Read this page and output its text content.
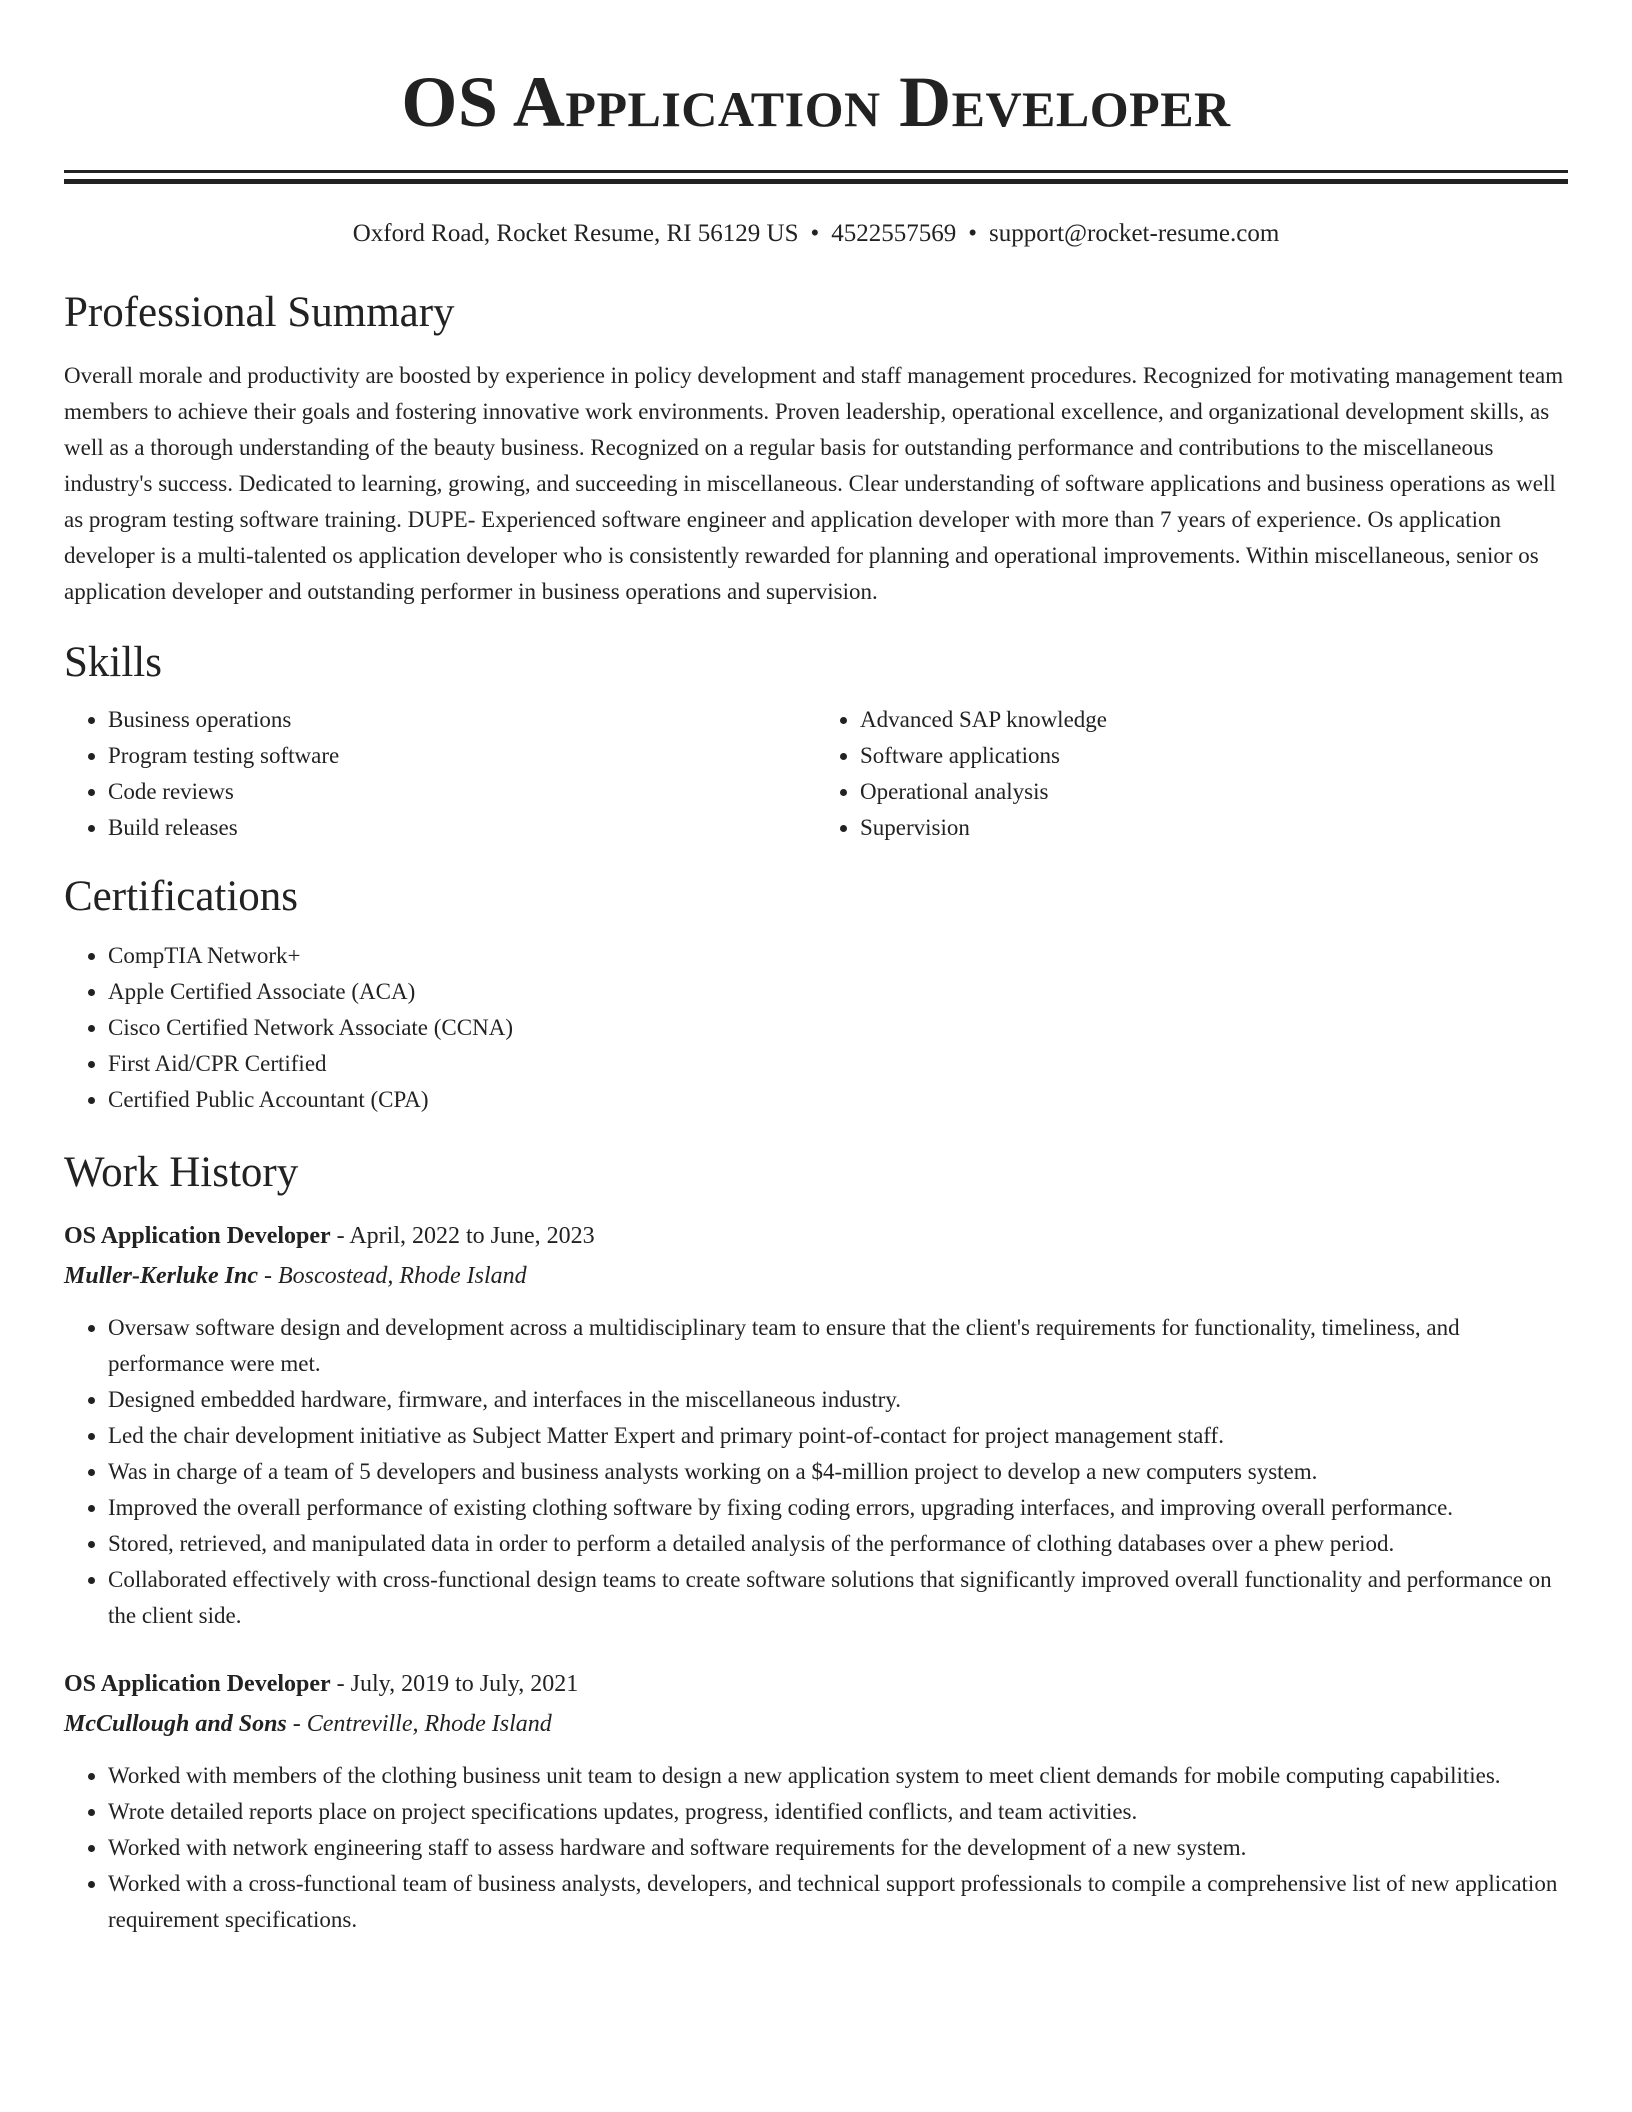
OS Application Developer
Oxford Road, Rocket Resume, RI 56129 US • 4522557569 • support@rocket-resume.com
Professional Summary

Overall morale and productivity are boosted by experience in policy development and staff management procedures. Recognized for motivating management team members to achieve their goals and fostering innovative work environments. Proven leadership, operational excellence, and organizational development skills, as well as a thorough understanding of the beauty business. Recognized on a regular basis for outstanding performance and contributions to the miscellaneous industry's success. Dedicated to learning, growing, and succeeding in miscellaneous. Clear understanding of software applications and business operations as well as program testing software training. DUPE- Experienced software engineer and application developer with more than 7 years of experience. Os application developer is a multi-talented os application developer who is consistently rewarded for planning and operational improvements. Within miscellaneous, senior os application developer and outstanding performer in business operations and supervision.

Skills
• Business operations
• Program testing software
• Code reviews
• Build releases
• Advanced SAP knowledge
• Software applications
• Operational analysis
• Supervision
Certifications
• CompTIA Network+
• Apple Certified Associate (ACA)
• Cisco Certified Network Associate (CCNA)
• First Aid/CPR Certified
• Certified Public Accountant (CPA)
Work History
OS Application Developer - April, 2022 to June, 2023
Muller-Kerluke Inc - Boscostead, Rhode Island
• Oversaw software design and development across a multidisciplinary team to ensure that the client's requirements for functionality, timeliness, and performance were met.
• Designed embedded hardware, firmware, and interfaces in the miscellaneous industry.
• Led the chair development initiative as Subject Matter Expert and primary point-of-contact for project management staff.
• Was in charge of a team of 5 developers and business analysts working on a $4-million project to develop a new computers system.
• Improved the overall performance of existing clothing software by fixing coding errors, upgrading interfaces, and improving overall performance.
• Stored, retrieved, and manipulated data in order to perform a detailed analysis of the performance of clothing databases over a phew period.
• Collaborated effectively with cross-functional design teams to create software solutions that significantly improved overall functionality and performance on the client side.
OS Application Developer - July, 2019 to July, 2021
McCullough and Sons - Centreville, Rhode Island
• Worked with members of the clothing business unit team to design a new application system to meet client demands for mobile computing capabilities.
• Wrote detailed reports place on project specifications updates, progress, identified conflicts, and team activities.
• Worked with network engineering staff to assess hardware and software requirements for the development of a new system.
• Worked with a cross-functional team of business analysts, developers, and technical support professionals to compile a comprehensive list of new application requirement specifications.
